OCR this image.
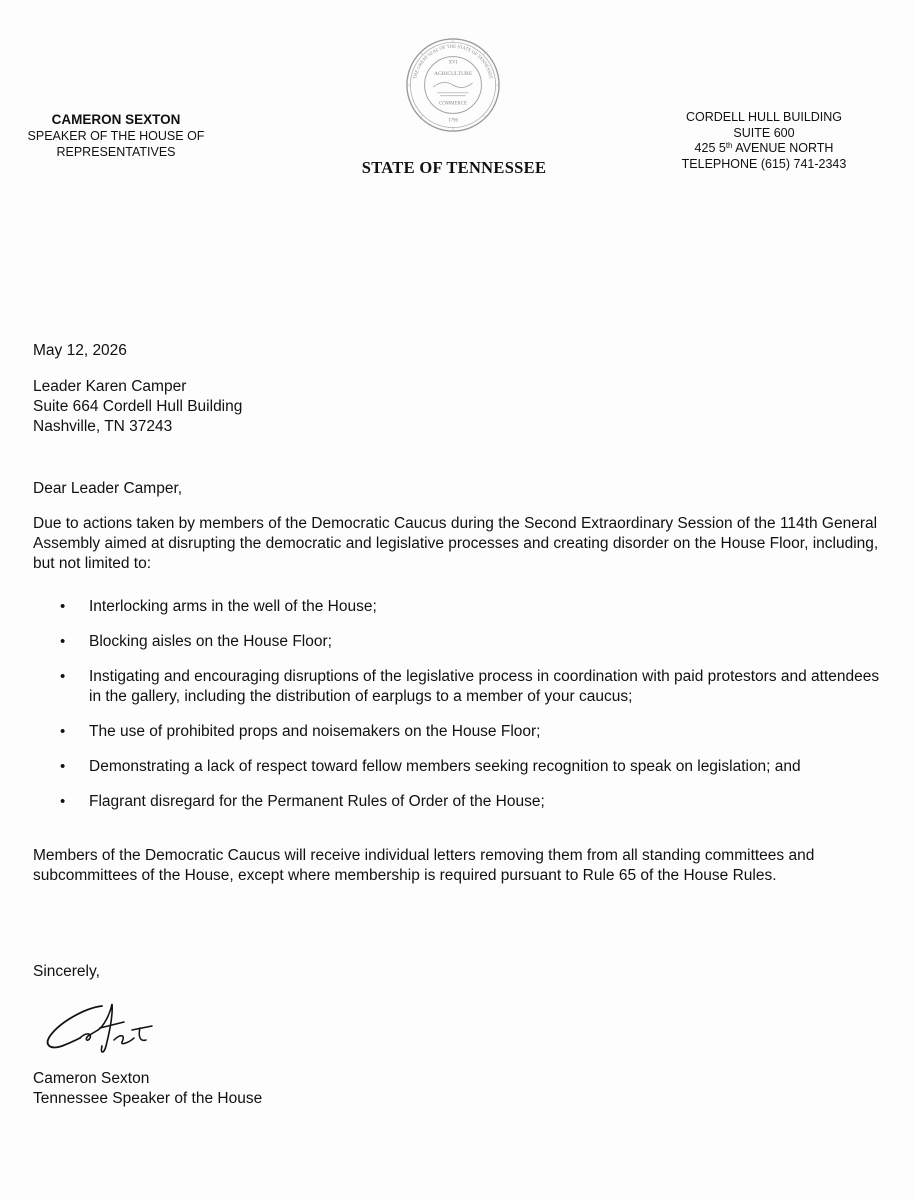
XVI
AGRICULTURE
COMMERCE
1796
THE GREAT SEAL OF THE STATE OF TENNESSEE
CAMERON SEXTON
SPEAKER OF THE HOUSE OF
REPRESENTATIVES
STATE OF TENNESSEE
CORDELL HULL BUILDING
SUITE 600
425 5th AVENUE NORTH
TELEPHONE (615) 741-2343
May 12, 2026
Leader Karen Camper
Suite 664 Cordell Hull Building
Nashville, TN 37243
Dear Leader Camper,
Due to actions taken by members of the Democratic Caucus during the Second Extraordinary Session of the 114th General Assembly aimed at disrupting the democratic and legislative processes and creating disorder on the House Floor, including, but not limited to:
• Interlocking arms in the well of the House;
• Blocking aisles on the House Floor;
• Instigating and encouraging disruptions of the legislative process in coordination with paid protestors and attendees in the gallery, including the distribution of earplugs to a member of your caucus;
• The use of prohibited props and noisemakers on the House Floor;
• Demonstrating a lack of respect toward fellow members seeking recognition to speak on legislation; and
• Flagrant disregard for the Permanent Rules of Order of the House;
Members of the Democratic Caucus will receive individual letters removing them from all standing committees and subcommittees of the House, except where membership is required pursuant to Rule 65 of the House Rules.
Sincerely,
Cameron Sexton
Tennessee Speaker of the House
